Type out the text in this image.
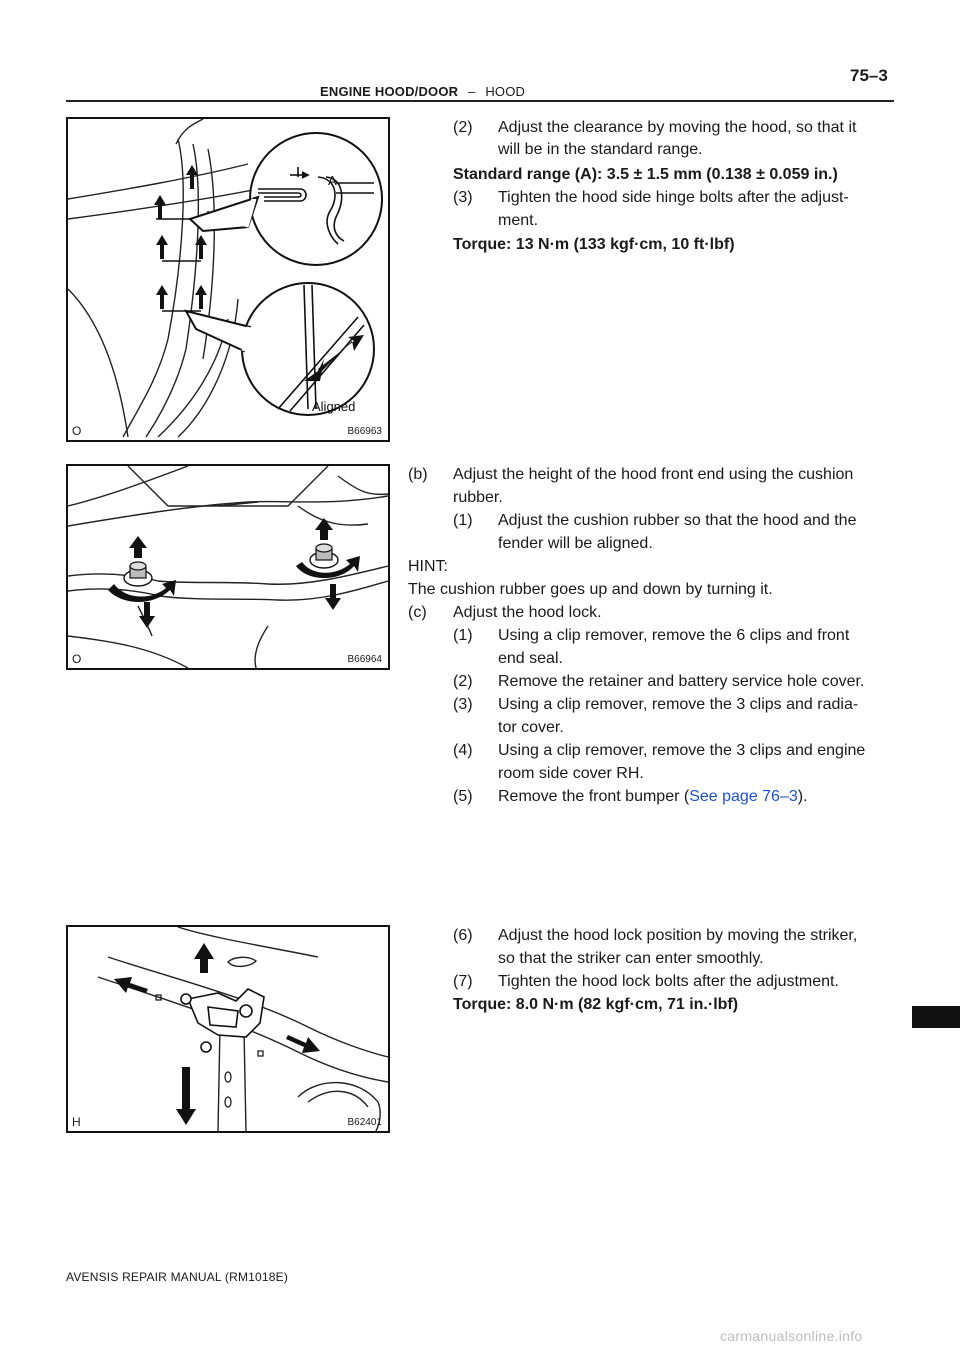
75–3
ENGINE HOOD/DOOR – HOOD
A
Aligned
O	B66963
O	B66964
H	B62401
(2) Adjust the clearance by moving the hood, so that it
will be in the standard range.
Standard range (A): 3.5 ± 1.5 mm (0.138 ± 0.059 in.)
(3) Tighten the hood side hinge bolts after the adjust-
ment.
Torque: 13 N·m (133 kgf·cm, 10 ft·lbf)
(b) Adjust the height of the hood front end using the cushion
rubber.
(1) Adjust the cushion rubber so that the hood and the
fender will be aligned.
HINT:
The cushion rubber goes up and down by turning it.
(c) Adjust the hood lock.
(1) Using a clip remover, remove the 6 clips and front
end seal.
(2) Remove the retainer and battery service hole cover.
(3) Using a clip remover, remove the 3 clips and radia-
tor cover.
(4) Using a clip remover, remove the 3 clips and engine
room side cover RH.
(5) Remove the front bumper (See page 76–3).
(6) Adjust the hood lock position by moving the striker,
so that the striker can enter smoothly.
(7) Tighten the hood lock bolts after the adjustment.
Torque: 8.0 N·m (82 kgf·cm, 71 in.·lbf)
AVENSIS REPAIR MANUAL (RM1018E)
carmanualsonline.info
